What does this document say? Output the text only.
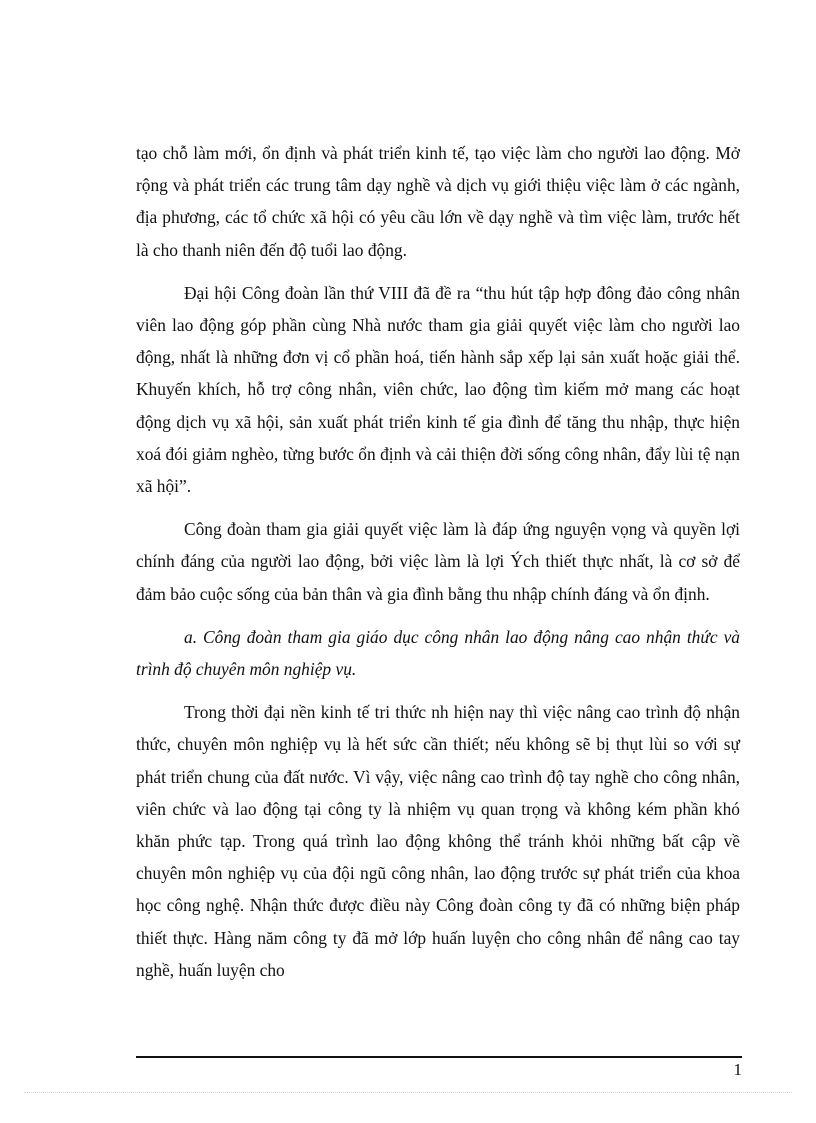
tạo chỗ làm mới, ổn định và phát triển kinh tế, tạo việc làm cho người lao động. Mở rộng và phát triển các trung tâm dạy nghề và dịch vụ giới thiệu việc làm ở các ngành, địa phương, các tổ chức xã hội có yêu cầu lớn về dạy nghề và tìm việc làm, trước hết là cho thanh niên đến độ tuổi lao động.

Đại hội Công đoàn lần thứ VIII đã đề ra “thu hút tập hợp đông đảo công nhân viên lao động góp phần cùng Nhà nước tham gia giải quyết việc làm cho người lao động, nhất là những đơn vị cổ phần hoá, tiến hành sắp xếp lại sản xuất hoặc giải thể. Khuyến khích, hỗ trợ công nhân, viên chức, lao động tìm kiếm mở mang các hoạt động dịch vụ xã hội, sản xuất phát triển kinh tế gia đình để tăng thu nhập, thực hiện xoá đói giảm nghèo, từng bước ổn định và cải thiện đời sống công nhân, đẩy lùi tệ nạn xã hội”.

Công đoàn tham gia giải quyết việc làm là đáp ứng nguyện vọng và quyền lợi chính đáng của người lao động, bởi việc làm là lợi Ých thiết thực nhất, là cơ sở để đảm bảo cuộc sống của bản thân và gia đình bằng thu nhập chính đáng và ổn định.

a. Công đoàn tham gia giáo dục công nhân lao động nâng cao nhận thức và trình độ chuyên môn nghiệp vụ.

Trong thời đại nền kinh tế tri thức nh hiện nay thì việc nâng cao trình độ nhận thức, chuyên môn nghiệp vụ là hết sức cần thiết; nếu không sẽ bị thụt lùi so với sự phát triển chung của đất nước. Vì vậy, việc nâng cao trình độ tay nghề cho công nhân, viên chức và lao động tại công ty là nhiệm vụ quan trọng và không kém phần khó khăn phức tạp. Trong quá trình lao động không thể tránh khỏi những bất cập về chuyên môn nghiệp vụ của đội ngũ công nhân, lao động trước sự phát triển của khoa học công nghệ. Nhận thức được điều này Công đoàn công ty đã có những biện pháp thiết thực. Hàng năm công ty đã mở lớp huấn luyện cho công nhân để nâng cao tay nghề, huấn luyện cho

1
